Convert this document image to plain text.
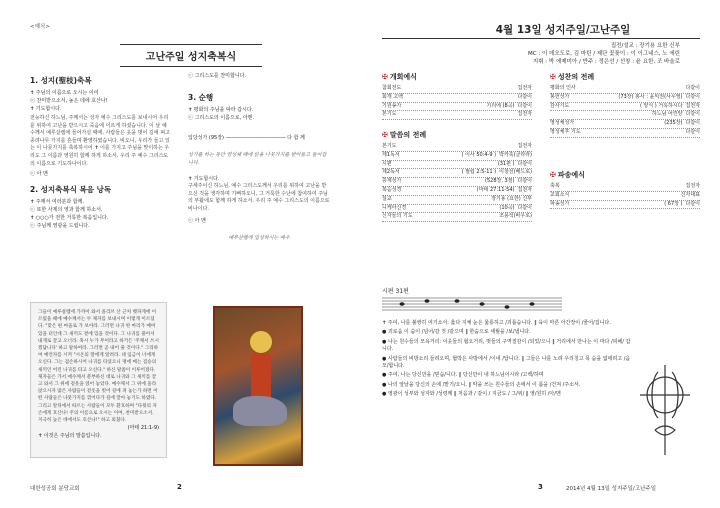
<예식>
고난주일 성지축복식
1. 성지(聖枝)축복
✝ 주님의 이름으로 오시는 이여
ⓒ 찬미받으소서, 높은 데에 호산나!
✝ 기도합시다.
전능하신 하느님, 주께서는 성자 예수 그리스도를 보내시어 우리를 위하여 고난을 받으시고 죽음에 이르게 하셨습니다. 이 날 예수께서 예루살렘에 들어가실 때에, 사람들은 옷을 벗어 길에 펴고 종려나무 가지를 흔들며 환영하였습니다. 비오니, 우리가 들고 있는 이 나뭇가지를 축복하시어 ✝ 이를 가지고 주님을 맞이하는 우리도 그 이름과 영원히 함께 하게 하소서. 우리 주 예수 그리스도의 이름으로 기도하나이다.
ⓒ 아 멘
2. 성지축복식 복음 낭독
✝ 주께서 여러분과 함께.
ⓒ 또한 사제의 영과 함께 하소서.
✝ ○○○가 전한 거룩한 복음입니다.
ⓒ 주님께 영광을 드립니다.
그들이 예루살렘에 가까이 와서 올리브 산 근처 벳파게에 이르렀을 때에 예수께서는 두 제자를 보내시며 이렇게 이르셨다. "맞은 편 마을로 가 보아라. 그러면 나귀 한 마리가 매여 있을 터인데 그 새끼도 곁에 있을 것이다. 그 나귀를 풀어서 내게로 끌고 오너라. 혹시 누가 무어라고 하거든 '주께서 쓰시겠답니다' 하고 말하여라. 그러면 곧 내어 줄 것이다." 그리하여 예언자를 시켜 "시온의 딸에게 알려라. 네 임금이 너에게 오신다. 그는 겸손하시어 나귀를 타셨으니 멍에 메는 짐승의 새끼인 어린 나귀를 타고 오신다." 하신 말씀이 이루어졌다. 제자들은 가서 예수께서 분부하신 대로 나귀와 그 새끼를 끌고 와서 그 위에 겉옷을 얹어 놓았다. 예수께서 그 위에 올라앉으시자 많은 사람들이 겉옷을 벗어 길에 펴 놓는가 하면 어떤 사람들은 나뭇가지를 꺾어다가 길에 깔아 놓기도 하였다. 그리고 앞뒤에서 따르는 사람들이 모두 환호하며 "다윗의 자손에게 호산나! 주의 이름으로 오시는 이여, 찬미받으소서. 지극히 높은 데에서도 호산나!" 하고 외쳤다.
(마태 21:1-9)
✝ 이것은 주님의 말씀입니다.
ⓒ 그리스도를 찬미합니다.
3. 순행
✝ 평화의 주님을 따라 갑시다.
ⓒ 그리스도의 이름으로, 아멘.
입당성가 (95장) ―――――――――――― 다 함 께
성가를 하는 동안 영성체 때에 읽을 나뭇가지를 받아들고 들어갑니다.
✝ 기도합시다.
구세주이신 하느님, 예수 그리스도께서 우리를 위하여 고난을 받으신 것을 생각하며 기뻐하오니, 그 거룩한 수난에 참여하여 주님의 부활에도 함께 하게 하소서. 우리 주 예수 그리스도의 이름으로 비나이다.
ⓒ 아 멘
예루살렘에 입성하시는 예수
대한성공회 분당교회	2
4월 13일 성지주일/고난주일
집전/설교 : 장기용 요한 신부
MC : 이 데오도로, 김 마틴 / 제단 꽃꽂이 : 이 이그네스, 노 에린
지휘 : 박 에제미아 / 반주 : 정은선 / 선창 : 윤 요한, 조 바울로
✠ 개회예식
참회전도	집전자
회개 고백	다같이
기원송가	기리에 (8곡) 다같이
본기도	집전자
✠ 말씀의 전례
본기도	집전자
제1독서	( 이사 50:4-9 ) 박카혹(클라라)
시편	(31편 ) 다같이
제2독서	( 필립 2:5-11 ) 이창선(베드로)
층계성가	(528장, 3절) 다같이
복음성경	(마태 27:11-54) 집전자
설교	장기용 (요한) 신부
니케아신경	(10곡) 다같이
신자들의 기도	조용석(바우로)
✠ 성찬의 전례
평화의 인사	다같이
봉헌성가	(73장) 봉사 : 윤익권(사무엘) 다같이
감사기도	( 양식 ) 거룩하시다 집전자
하느님 어린양 다같이
영성체성가	(235장) 다같이
영성체후 기도	다같이
✠ 파송예식
축복	집전자
교회소식	신자대표
파송성가	( 67장 ) 다같이
시편 31편
✝ 주여, 나를 불쌍히 여기소서: 옳다 지체 눈은 욺롱하고 /괴롭습니다. ‖ 육이 마른 아간장이 /줄어/집니다.
● 괴로움 이 숨이 /넘어/갈 것 /같으며 ‖ 한숨으로 세월을 /보/냅니다.
● 나는 원수들의 모욕거리: 이웃들의 혐오거리, 벗들의 구역질감이 /되었/으니 ‖ 거리에서 만나는 이 마다 /피해/ 갑니다.
● 사람들의 비방소리 들려오며, 협박은 사방에서 /이네 /답니다. ‖ 그들은 나를 노려 우리칭고 목 숨을 없애려고 /음모/합니다.
● 주여, 나는 당신만을 /믿습/니다. ‖ 당신만이 내 하느님이시라 /고백/하며
● 나의 앞날을 당신의 손에 /맡기/오니. ‖ 악을 쓰는 원수들의 손에서 이 몸을 /건져 /주소서.
● 영광이 성부와 성자와 /성령께 ‖ 처음과 / 같이 / 지금도 / 그/위/ ‖ 영/원히 /아/멘
2014년 4월 13일 성지주일/고난주일
3
